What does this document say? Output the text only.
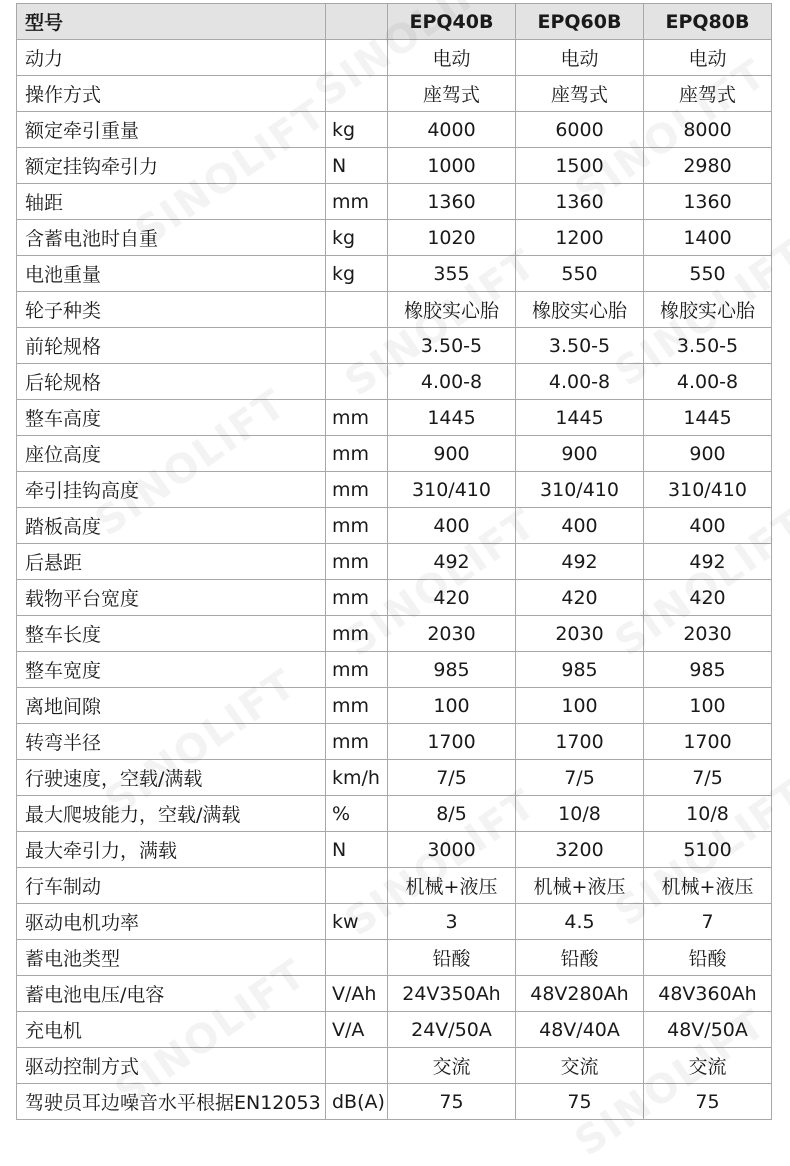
型号		EPQ40B	EPQ60B	EPQ80B
动力		电动	电动	电动
操作方式		座驾式	座驾式	座驾式
额定牵引重量	kg	4000	6000	8000
额定挂钩牵引力	N	1000	1500	2980
轴距	mm	1360	1360	1360
含蓄电池时自重	kg	1020	1200	1400
电池重量	kg	355	550	550
轮子种类		橡胶实心胎	橡胶实心胎	橡胶实心胎
前轮规格		3.50-5	3.50-5	3.50-5
后轮规格		4.00-8	4.00-8	4.00-8
整车高度	mm	1445	1445	1445
座位高度	mm	900	900	900
牵引挂钩高度	mm	310/410	310/410	310/410
踏板高度	mm	400	400	400
后悬距	mm	492	492	492
载物平台宽度	mm	420	420	420
整车长度	mm	2030	2030	2030
整车宽度	mm	985	985	985
离地间隙	mm	100	100	100
转弯半径	mm	1700	1700	1700
行驶速度，空载/满载	km/h	7/5	7/5	7/5
最大爬坡能力，空载/满载	%	8/5	10/8	10/8
最大牵引力，满载	N	3000	3200	5100
行车制动		机械+液压	机械+液压	机械+液压
驱动电机功率	kw	3	4.5	7
蓄电池类型		铅酸	铅酸	铅酸
蓄电池电压/电容	V/Ah	24V350Ah	48V280Ah	48V360Ah
充电机	V/A	24V/50A	48V/40A	48V/50A
驱动控制方式		交流	交流	交流
驾驶员耳边噪音水平根据EN12053	dB(A)	75	75	75
